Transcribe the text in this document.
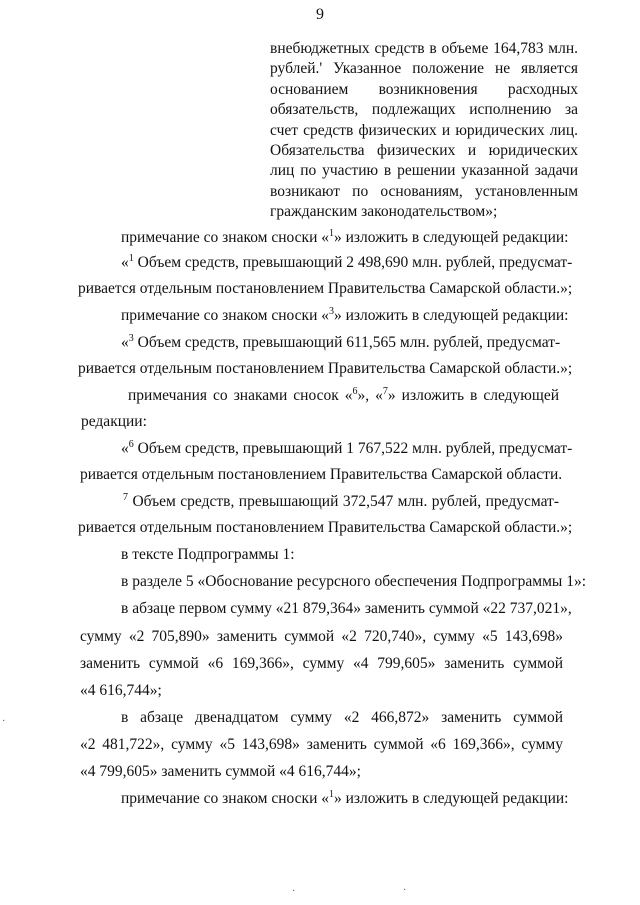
9
внебюджетных средств в объеме 164,783 млн.
рублей.' Указанное положение не является
основанием возникновения расходных
обязательств, подлежащих исполнению за
счет средств физических и юридических лиц.
Обязательства физических и юридических
лиц по участию в решении указанной задачи
возникают по основаниям, установленным
гражданским законодательством»;
примечание со знаком сноски «$^1$» изложить в следующей редакции:
«$^1$ Объем средств, превышающий 2 498,690 млн. рублей, предусмат-
ривается отдельным постановлением Правительства Самарской области.»;
примечание со знаком сноски «$^3$» изложить в следующей редакции:
«$^3$ Объем средств, превышающий 611,565 млн. рублей, предусмат-
ривается отдельным постановлением Правительства Самарской области.»;
примечания со знаками сносок «$^6$», «$^7$» изложить в следующей
редакции:
«$^6$ Объем средств, превышающий 1 767,522 млн. рублей, предусмат-
ривается отдельным постановлением Правительства Самарской области.
$^7$ Объем средств, превышающий 372,547 млн. рублей, предусмат-
ривается отдельным постановлением Правительства Самарской области.»;
в тексте Подпрограммы 1:
в разделе 5 «Обоснование ресурсного обеспечения Подпрограммы 1»:
в абзаце первом сумму «21 879,364» заменить суммой «22 737,021»,
сумму «2 705,890» заменить суммой «2 720,740», сумму «5 143,698»
заменить суммой «6 169,366», сумму «4 799,605» заменить суммой
«4 616,744»;
в абзаце двенадцатом сумму «2 466,872» заменить суммой
«2 481,722», сумму «5 143,698» заменить суммой «6 169,366», сумму
«4 799,605» заменить суммой «4 616,744»;
примечание со знаком сноски «$^1$» изложить в следующей редакции:
·
·	·
